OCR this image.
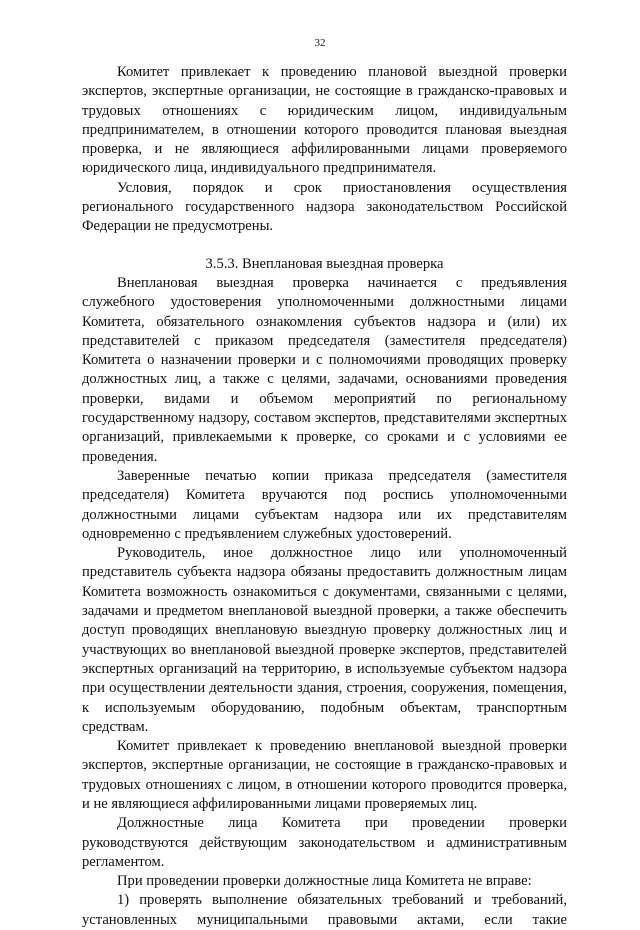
32

Комитет привлекает к проведению плановой выездной проверки экспертов, экспертные организации, не состоящие в гражданско-правовых и трудовых отношениях с юридическим лицом, индивидуальным предпринимателем, в отношении которого проводится плановая выездная проверка, и не являющиеся аффилированными лицами проверяемого юридического лица, индивидуального предпринимателя.

Условия, порядок и срок приостановления осуществления регионального государственного надзора законодательством Российской Федерации не предусмотрены.

3.5.3. Внеплановая выездная проверка

Внеплановая выездная проверка начинается с предъявления служебного удостоверения уполномоченными должностными лицами Комитета, обязательного ознакомления субъектов надзора и (или) их представителей с приказом председателя (заместителя председателя) Комитета о назначении проверки и с полномочиями проводящих проверку должностных лиц, а также с целями, задачами, основаниями проведения проверки, видами и объемом мероприятий по региональному государственному надзору, составом экспертов, представителями экспертных организаций, привлекаемыми к проверке, со сроками и с условиями ее проведения.

Заверенные печатью копии приказа председателя (заместителя председателя) Комитета вручаются под роспись уполномоченными должностными лицами субъектам надзора или их представителям одновременно с предъявлением служебных удостоверений.

Руководитель, иное должностное лицо или уполномоченный представитель субъекта надзора обязаны предоставить должностным лицам Комитета возможность ознакомиться с документами, связанными с целями, задачами и предметом внеплановой выездной проверки, а также обеспечить доступ проводящих внеплановую выездную проверку должностных лиц и участвующих во внеплановой выездной проверке экспертов, представителей экспертных организаций на территорию, в используемые субъектом надзора при осуществлении деятельности здания, строения, сооружения, помещения, к используемым оборудованию, подобным объектам, транспортным средствам.

Комитет привлекает к проведению внеплановой выездной проверки экспертов, экспертные организации, не состоящие в гражданско-правовых и трудовых отношениях с лицом, в отношении которого проводится проверка, и не являющиеся аффилированными лицами проверяемых лиц.

Должностные лица Комитета при проведении проверки руководствуются действующим законодательством и административным регламентом.

При проведении проверки должностные лица Комитета не вправе:

1) проверять выполнение обязательных требований и требований, установленных муниципальными правовыми актами, если такие
